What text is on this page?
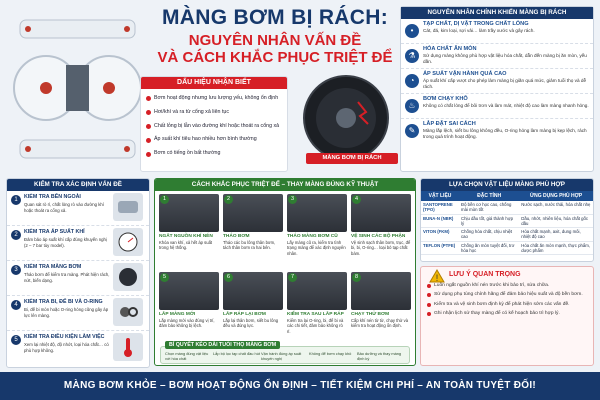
MÀNG BƠM BỊ RÁCH:
NGUYÊN NHÂN VẤN ĐỀ
VÀ CÁCH KHẮC PHỤC TRIỆT ĐỂ
DẤU HIỆU NHẬN BIẾT
Bơm hoạt động nhưng lưu lượng yếu, không ổn định
Hơi/khí và ra từ cổng xả liên tục
Chất lỏng bị lẫn vào đường khí hoặc thoát ra cổng xả
Áp suất khí tiêu hao nhiều hơn bình thường
Bơm có tiếng ồn bất thường
MÀNG BƠM BỊ RÁCH
NGUYÊN NHÂN CHÍNH KHIẾN MÀNG BỊ RÁCH
•
TẠP CHẤT, DỊ VẬT TRONG CHẤT LỎNG
Cát, đá, kim loại, sợi vải… làm trầy xước và gây rách.
⚗
HÓA CHẤT ĂN MÒN
Sử dụng màng không phù hợp vật liệu hóa chất, dẫn đến màng bị ăn mòn, yếu dần.
◔
ÁP SUẤT VẬN HÀNH QUÁ CAO
Áp suất khí cấp vượt cho phép làm màng bị giãn quá mức, giảm tuổi thọ và dễ rách.
♨
BƠM CHẠY KHÔ
Không có chất lỏng để bôi trơn và làm mát, nhiệt độ cao làm màng nhanh hỏng.
✎
LẮP ĐẶT SAI CÁCH
Màng lắp lệch, siết bu lông không đều, O-ring hỏng làm màng bị kẹp lệch, rách trong quá trình hoạt động.
KIỂM TRA XÁC ĐỊNH VẤN ĐỀ
1	KIỂM TRA BÊN NGOÀI
Quan sát rò rỉ, chất lỏng rò vào đường khí hoặc thoát ra cổng xả.
2	KIỂM TRA ÁP SUẤT KHÍ
Đảm bảo áp suất khí cấp đúng khuyến nghị (2 – 7 bar tùy model).
3	KIỂM TRA MÀNG BƠM
Tháo bơm để kiểm tra màng. Phát hiện rách, nứt, biến dạng.
4	KIỂM TRA BI, ĐẾ BI VÀ O-RING
Bi, đế bi mòn hoặc O-ring hỏng cũng gây áp lực lên màng.
5	KIỂM TRA ĐIỀU KIỆN LÀM VIỆC
Xem lại nhiệt độ, độ nhớt, loại hóa chất… có phù hợp không.
CÁCH KHẮC PHỤC TRIỆT ĐỂ – THAY MÀNG ĐÚNG KỸ THUẬT
1
NGẮT NGUỒN KHÍ NÉN
Khóa van khí, xả hết áp suất trong hệ thống.
2
THÁO BƠM
Tháo các bu lông thân bơm, tách thân bơm ra hai bên.
3
THÁO MÀNG BƠM CŨ
Lấy màng cũ ra, kiểm tra tình trạng màng để xác định nguyên nhân.
4
VỆ SINH CÁC BỘ PHẬN
Vệ sinh sạch thân bơm, trục, đế bi, bi, O-ring… loại bỏ tạp chất bám.
5
LẮP MÀNG MỚI
Lắp màng mới vào đúng vị trí, đảm bảo không bị lệch.
6
LẮP RÁP LẠI BƠM
Lắp lại thân bơm, siết bu lông đều và đúng lực.
7
KIỂM TRA SAU LẮP RÁP
Kiểm tra lại O-ring, bi, đế bi và các chi tiết, đảm bảo không rò rỉ.
8
CHẠY THỬ BƠM
Cấp khí nén từ từ, chạy thử và kiểm tra hoạt động ổn định.
BÍ QUYẾT KÉO DÀI TUỔI THỌ MÀNG BƠM
Chọn màng đúng vật liệu với hóa chất
Lắp bộ lọc tạp chất đầu hút Vận hành đúng áp suất khuyến nghị
Không để bơm chạy khô	Bảo dưỡng và thay màng định kỳ
LỰA CHỌN VẬT LIỆU MÀNG PHÙ HỢP
VẬT LIỆU	ĐẶC TÍNH	ỨNG DỤNG PHÙ HỢP
SANTOPRENE (TPO)	Độ bền cơ học cao, chống mài mòn tốt	Nước sạch, nước thải, hóa chất nhẹ
BUNA-N (NBR)	Chịu dầu tốt, giá thành hợp lý	Dầu, nhớt, nhiên liệu, hóa chất gốc dầu
VITON (FKM)	Chống hóa chất, chịu nhiệt cao	Hóa chất mạnh, axit, dung môi, nhiệt độ cao
TEFLON (PTFE)	Chống ăn mòn tuyệt đối, trơ hóa học	Hóa chất ăn mòn mạnh, thực phẩm, dược phẩm
!	LƯU Ý QUAN TRỌNG
Luôn ngắt nguồn khí nén trước khi bảo trì, sửa chữa.
Sử dụng phụ tùng chính hãng để đảm bảo hiệu suất và độ bền bơm.
Kiểm tra và vệ sinh bơm định kỳ để phát hiện sớm các vấn đề.
Ghi nhận lịch sử thay màng để có kế hoạch bảo trì hợp lý.
MÀNG BƠM KHỎE – BƠM HOẠT ĐỘNG ỔN ĐỊNH – TIẾT KIỆM CHI PHÍ – AN TOÀN TUYỆT ĐỐI!
